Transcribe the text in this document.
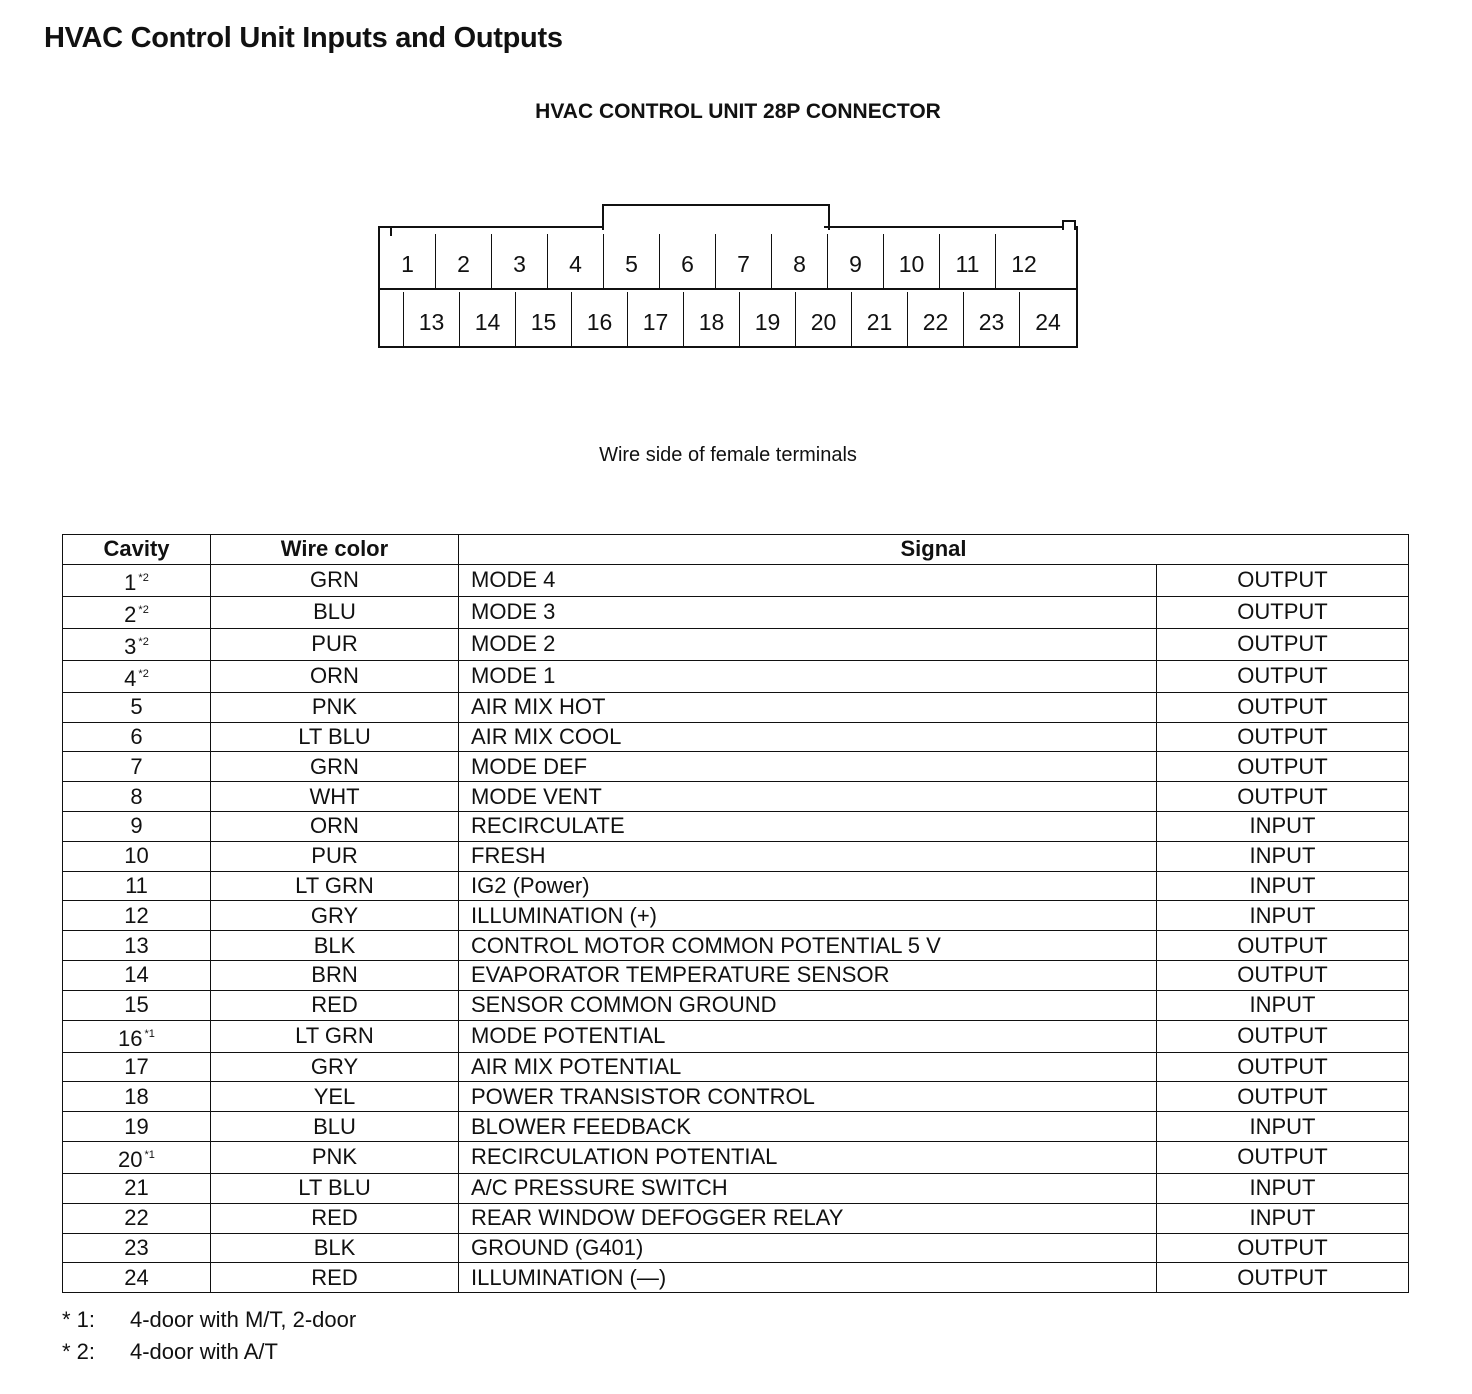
HVAC Control Unit Inputs and Outputs
HVAC CONTROL UNIT 28P CONNECTOR
1	2	3	4	5	6	7	8	9	10	11	12
13	14	15	16	17	18	19	20	21	22	23	24
Wire side of female terminals
Cavity	Wire color	Signal	
1 $^{*2}$	GRN	MODE 4	OUTPUT
2 $^{*2}$	BLU	MODE 3	OUTPUT
3 $^{*2}$	PUR	MODE 2	OUTPUT
4 $^{*2}$	ORN	MODE 1	OUTPUT
5	PNK	AIR MIX HOT	OUTPUT
6	LT BLU	AIR MIX COOL	OUTPUT
7	GRN	MODE DEF	OUTPUT
8	WHT	MODE VENT	OUTPUT
9	ORN	RECIRCULATE	INPUT
10	PUR	FRESH	INPUT
11	LT GRN	IG2 (Power)	INPUT
12	GRY	ILLUMINATION (+)	INPUT
13	BLK	CONTROL MOTOR COMMON POTENTIAL 5 V	OUTPUT
14	BRN	EVAPORATOR TEMPERATURE SENSOR	OUTPUT
15	RED	SENSOR COMMON GROUND	INPUT
16 $^{*1}$	LT GRN	MODE POTENTIAL	OUTPUT
17	GRY	AIR MIX POTENTIAL	OUTPUT
18	YEL	POWER TRANSISTOR CONTROL	OUTPUT
19	BLU	BLOWER FEEDBACK	INPUT
20 $^{*1}$	PNK	RECIRCULATION POTENTIAL	OUTPUT
21	LT BLU	A/C PRESSURE SWITCH	INPUT
22	RED	REAR WINDOW DEFOGGER RELAY	INPUT
23	BLK	GROUND (G401)	OUTPUT
24	RED	ILLUMINATION (—)	OUTPUT
* 1: 4-door with M/T, 2-door
* 2: 4-door with A/T
